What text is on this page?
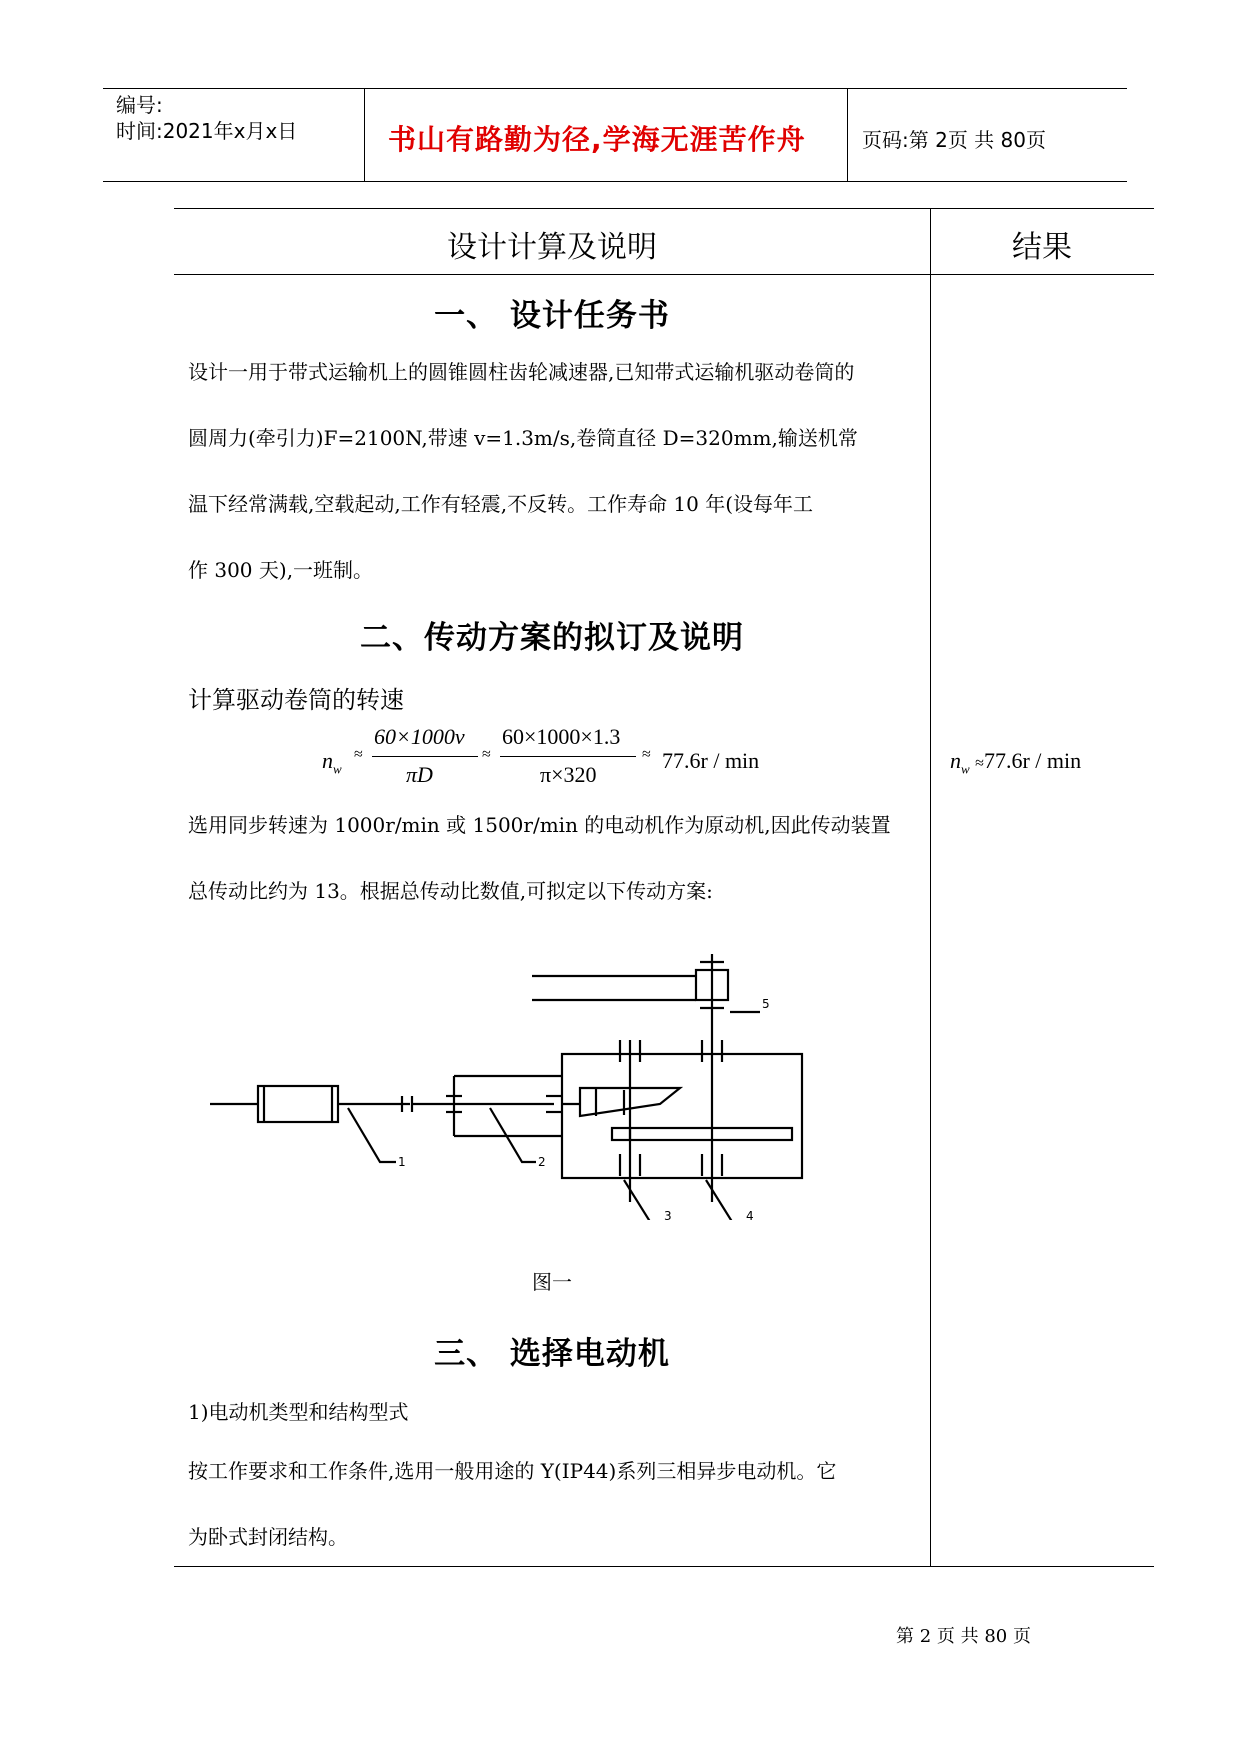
编号:
时间:2021年x月x日	书山有路勤为径,学海无涯苦作舟	页码:第 2页 共 80页
设计计算及说明	结果
一、 设计任务书
设计一用于带式运输机上的圆锥圆柱齿轮减速器,已知带式运输机驱动卷筒的
圆周力(牵引力)F=2100N,带速 v=1.3m/s,卷筒直径 D=320mm,输送机常
温下经常满载,空载起动,工作有轻震,不反转。工作寿命 10 年(设每年工
作 300 天),一班制。
二、传动方案的拟订及说明
计算驱动卷筒的转速
$n_w$
≈
60×1000v
πD
≈
60×1000×1.3
π×320
≈ 77.6r / min	$n_w \approx 77.6r / \min$
选用同步转速为 1000r/min 或 1500r/min 的电动机作为原动机,因此传动装置
总传动比约为 13。根据总传动比数值,可拟定以下传动方案:
1	2
3	4
5
图一
三、 选择电动机
1)电动机类型和结构型式
按工作要求和工作条件,选用一般用途的 Y(IP44)系列三相异步电动机。它
为卧式封闭结构。
第 2 页 共 80 页
